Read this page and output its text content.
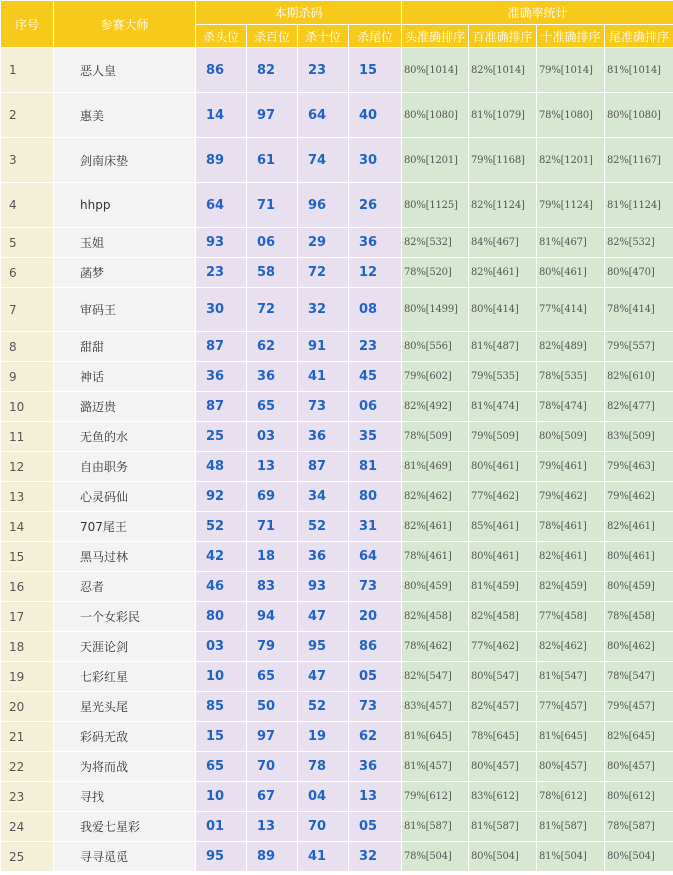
序号	参赛大师	本期杀码				准确率统计			
		杀头位	杀百位	杀十位	杀尾位	头准确排序	百准确排序	十准确排序	尾准确排序
1	恶人皇	86	82	23	15	80%[1014]	82%[1014]	79%[1014]	81%[1014]
2	惠美	14	97	64	40	80%[1080]	81%[1079]	78%[1080]	80%[1080]
3	剑南床垫	89	61	74	30	80%[1201]	79%[1168]	82%[1201]	82%[1167]
4	hhpp	64	71	96	26	80%[1125]	82%[1124]	79%[1124]	81%[1124]
5	玉姐	93	06	29	36	82%[532]	84%[467]	81%[467]	82%[532]
6	菡梦	23	58	72	12	78%[520]	82%[461]	80%[461]	80%[470]
7	审码王	30	72	32	08	80%[1499]	80%[414]	77%[414]	78%[414]
8	甜甜	87	62	91	23	80%[556]	81%[487]	82%[489]	79%[557]
9	神话	36	36	41	45	79%[602]	79%[535]	78%[535]	82%[610]
10	潞迈贵	87	65	73	06	82%[492]	81%[474]	78%[474]	82%[477]
11	无鱼的水	25	03	36	35	78%[509]	79%[509]	80%[509]	83%[509]
12	自由职务	48	13	87	81	81%[469]	80%[461]	79%[461]	79%[463]
13	心灵码仙	92	69	34	80	82%[462]	77%[462]	79%[462]	79%[462]
14	707尾王	52	71	52	31	82%[461]	85%[461]	78%[461]	82%[461]
15	黑马过林	42	18	36	64	78%[461]	80%[461]	82%[461]	80%[461]
16	忍者	46	83	93	73	80%[459]	81%[459]	82%[459]	80%[459]
17	一个女彩民	80	94	47	20	82%[458]	82%[458]	77%[458]	78%[458]
18	天涯论剑	03	79	95	86	78%[462]	77%[462]	82%[462]	80%[462]
19	七彩红星	10	65	47	05	82%[547]	80%[547]	81%[547]	78%[547]
20	星光头尾	85	50	52	73	83%[457]	82%[457]	77%[457]	79%[457]
21	彩码无敌	15	97	19	62	81%[645]	78%[645]	81%[645]	82%[645]
22	为将而战	65	70	78	36	81%[457]	80%[457]	80%[457]	80%[457]
23	寻找	10	67	04	13	79%[612]	83%[612]	78%[612]	80%[612]
24	我爱七星彩	01	13	70	05	81%[587]	81%[587]	81%[587]	78%[587]
25	寻寻觅觅	95	89	41	32	78%[504]	80%[504]	81%[504]	80%[504]
